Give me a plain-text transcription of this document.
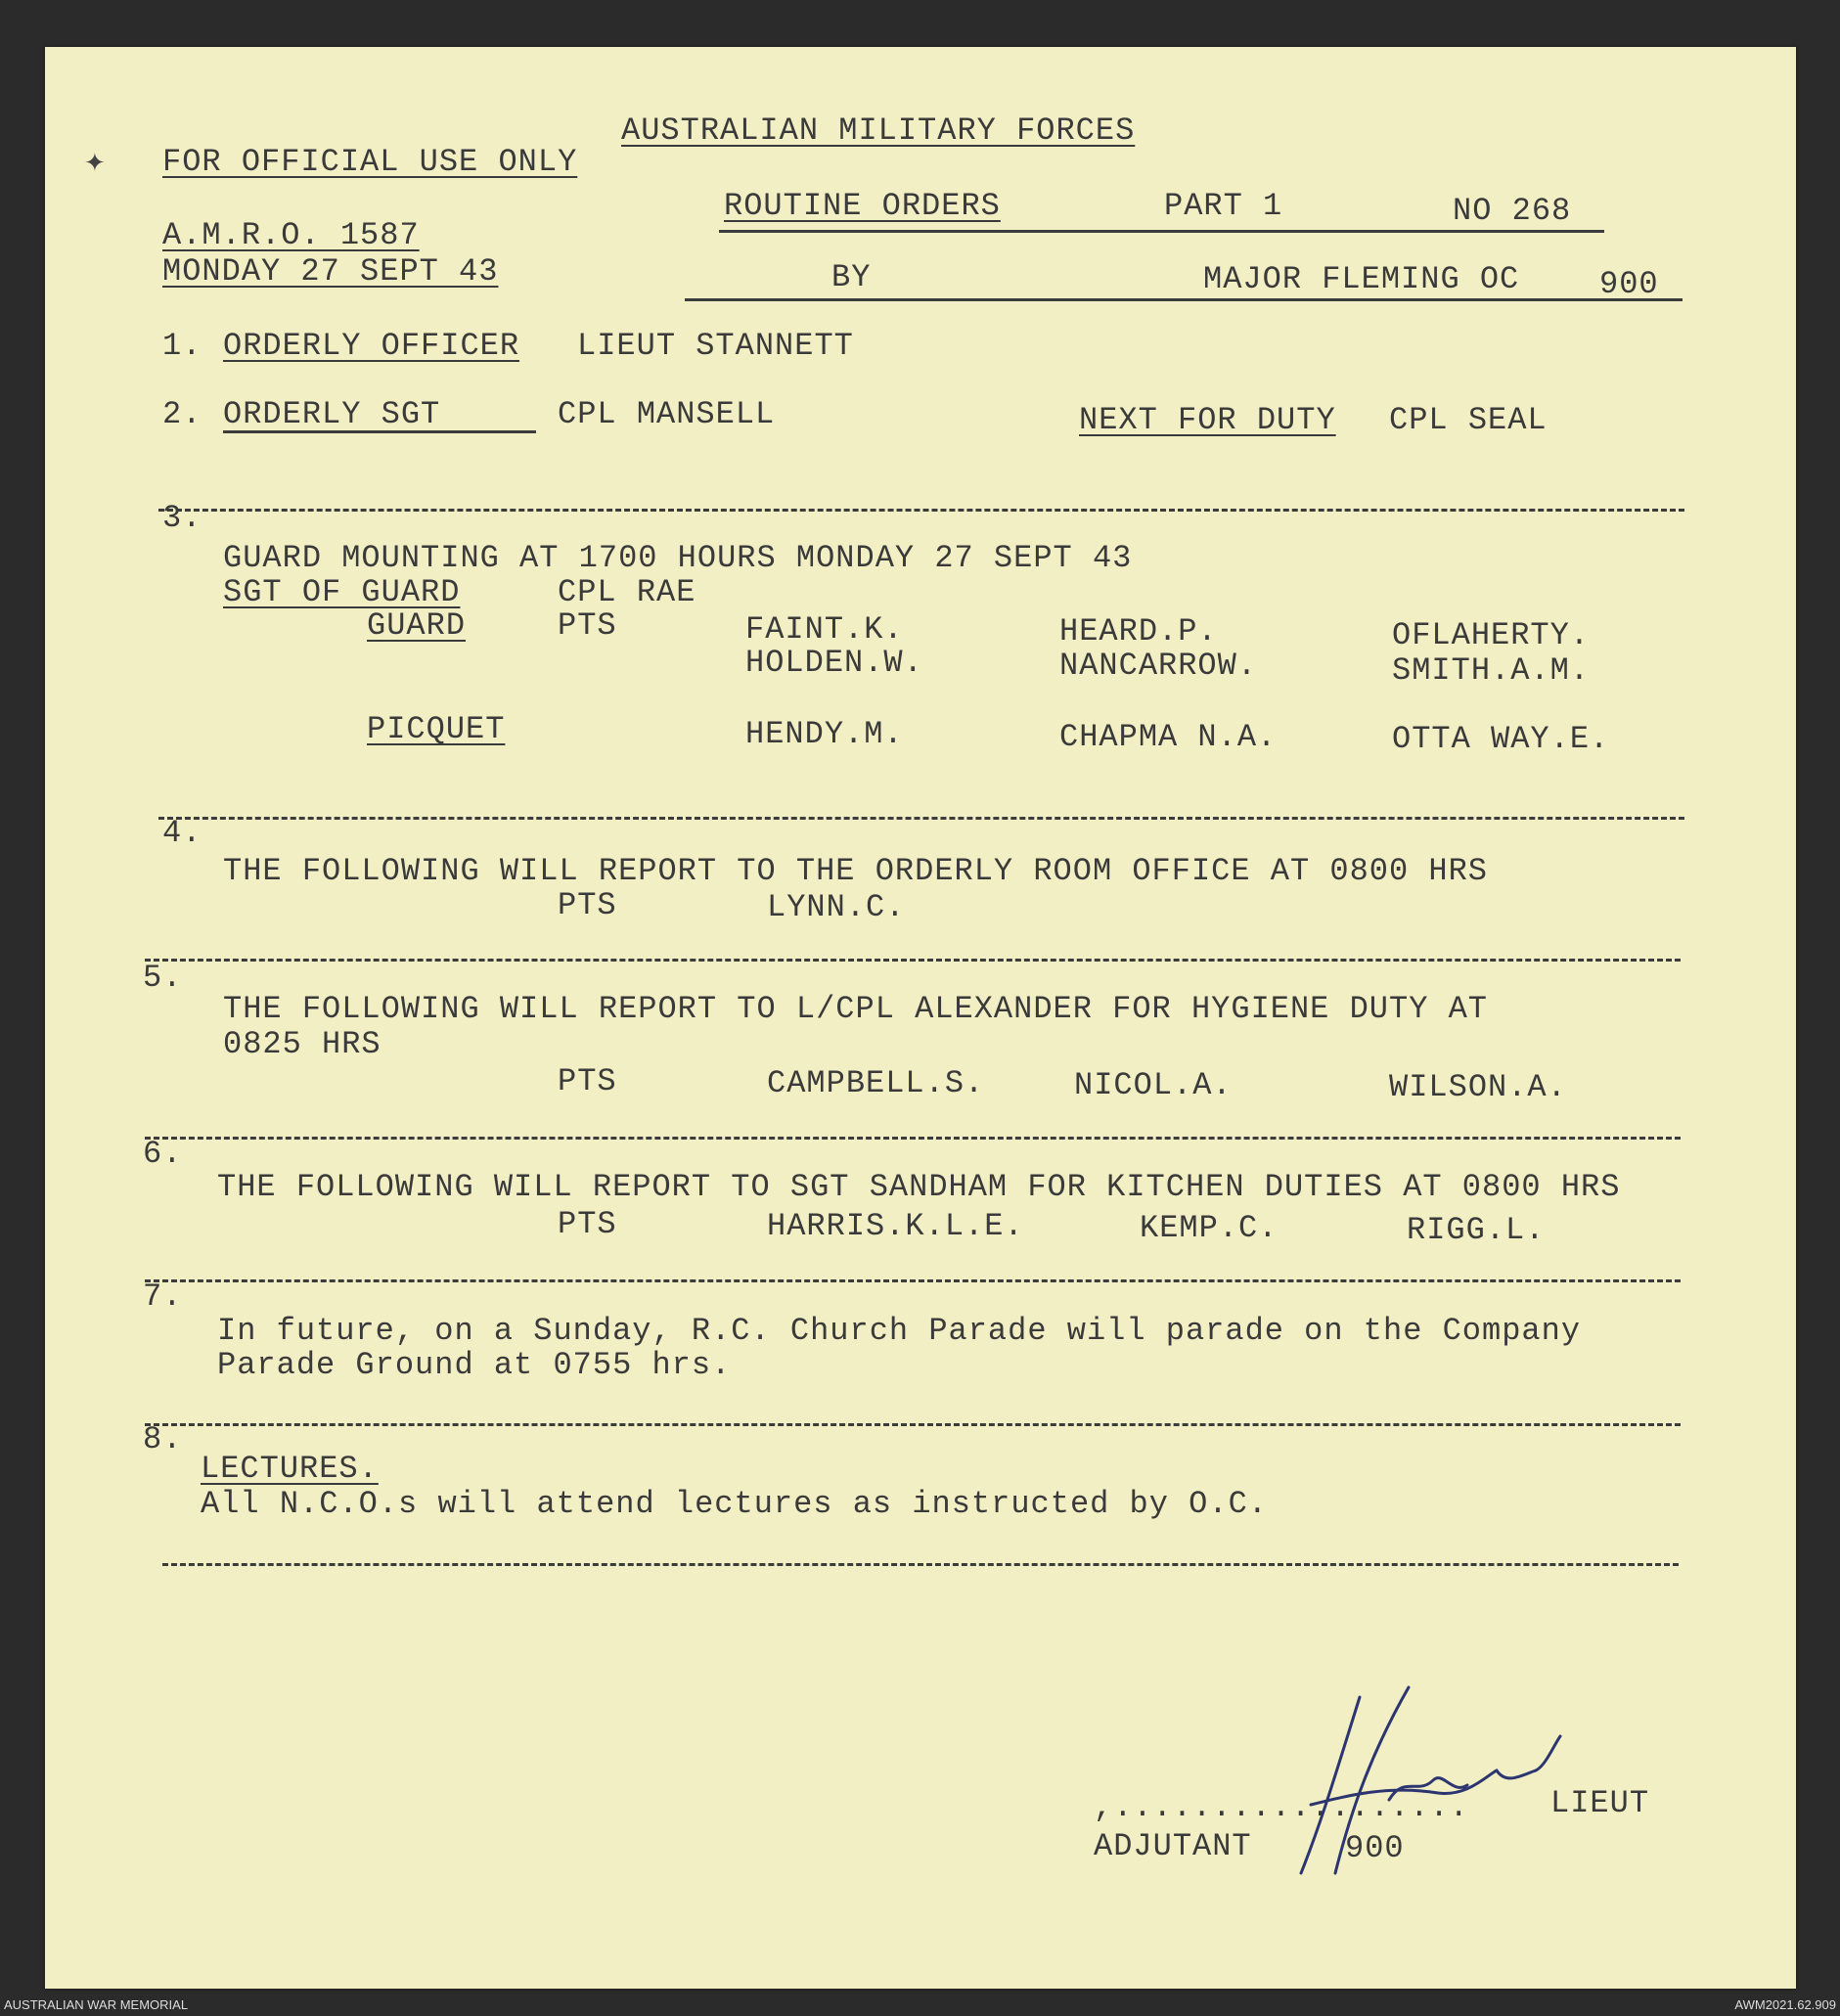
✦
AUSTRALIAN MILITARY FORCES
FOR OFFICIAL USE ONLY
ROUTINE ORDERS	PART 1	NO 268
A.M.R.O. 1587
MONDAY 27 SEPT 43	BY	MAJOR FLEMING OC	900
1. ORDERLY OFFICER LIEUT STANNETT
2. ORDERLY SGT	CPL MANSELL	NEXT FOR DUTY CPL SEAL
3.
GUARD MOUNTING AT 1700 HOURS MONDAY 27 SEPT 43
SGT OF GUARD	CPL RAE
GUARD	PTS	FAINT.K.	HEARD.P.	OFLAHERTY.
HOLDEN.W.	NANCARROW.	SMITH.A.M.
PICQUET	HENDY.M.	CHAPMA N.A.	OTTA WAY.E.
4.
THE FOLLOWING WILL REPORT TO THE ORDERLY ROOM OFFICE AT 0800 HRS
PTS	LYNN.C.
5.
THE FOLLOWING WILL REPORT TO L/CPL ALEXANDER FOR HYGIENE DUTY AT
0825 HRS
PTS	CAMPBELL.S.	NICOL.A.	WILSON.A.
6.
THE FOLLOWING WILL REPORT TO SGT SANDHAM FOR KITCHEN DUTIES AT 0800 HRS
PTS	HARRIS.K.L.E.	KEMP.C.	RIGG.L.
7.
In future, on a Sunday, R.C. Church Parade will parade on the Company
Parade Ground at 0755 hrs.
8.
LECTURES.
All N.C.O.s will attend lectures as instructed by O.C.
,..................	LIEUT
ADJUTANT	900
AUSTRALIAN WAR MEMORIAL	AWM2021.62.909
